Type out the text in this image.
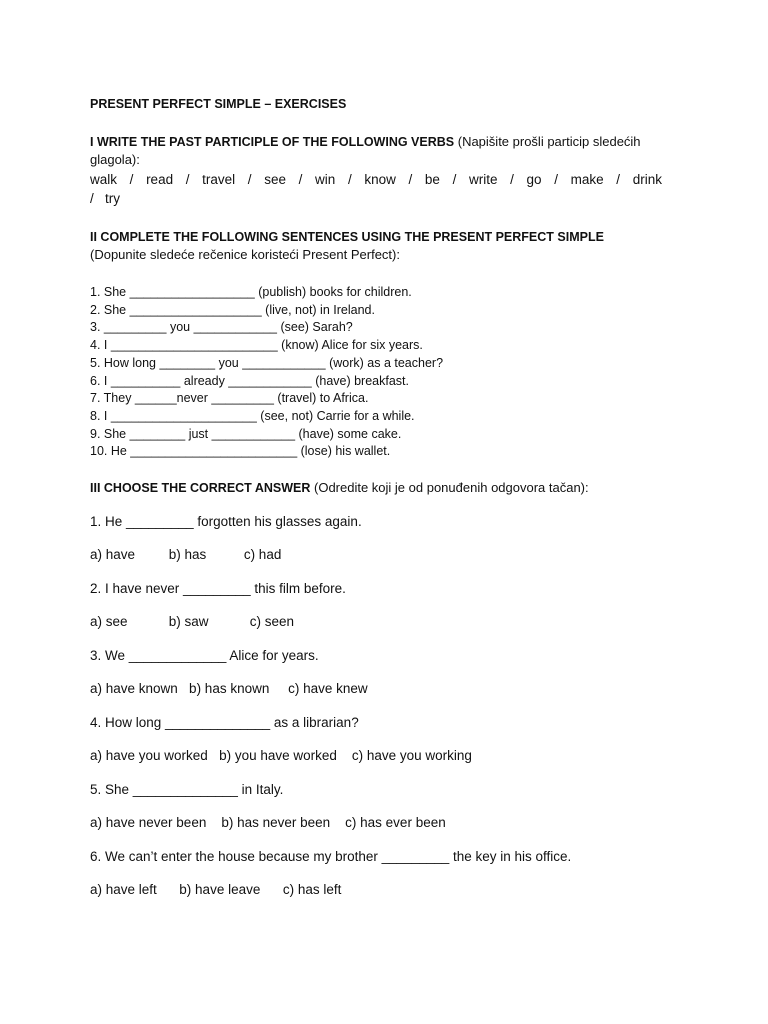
PRESENT PERFECT SIMPLE – EXERCISES
I WRITE THE PAST PARTICIPLE OF THE FOLLOWING VERBS (Napišite prošli particip sledećih glagola):
walk / read / travel / see / win / know / be / write / go / make / drink
/   try
II COMPLETE THE FOLLOWING SENTENCES USING THE PRESENT PERFECT SIMPLE (Dopunite sledeće rečenice koristeći Present Perfect):
1. She __________________ (publish) books for children.
2. She ___________________ (live, not) in Ireland.
3. _________ you ____________ (see) Sarah?
4. I ________________________ (know) Alice for six years.
5. How long ________ you ____________ (work) as a teacher?
6. I __________ already ____________ (have) breakfast.
7. They ______never _________ (travel) to Africa.
8. I _____________________ (see, not) Carrie for a while.
9. She ________ just ____________ (have) some cake.
10. He ________________________ (lose) his wallet.
III CHOOSE THE CORRECT ANSWER (Odredite koji je od ponuđenih odgovora tačan):
1. He _________ forgotten his glasses again.
a) have         b) has          c) had
2. I have never _________ this film before.
a) see           b) saw           c) seen
3. We _____________ Alice for years.
a) have known   b) has known     c) have knew
4. How long ______________ as a librarian?
a) have you worked   b) you have worked    c) have you working
5. She ______________ in Italy.
a) have never been    b) has never been    c) has ever been
6. We can’t enter the house because my brother _________ the key in his office.
a) have left      b) have leave      c) has left
